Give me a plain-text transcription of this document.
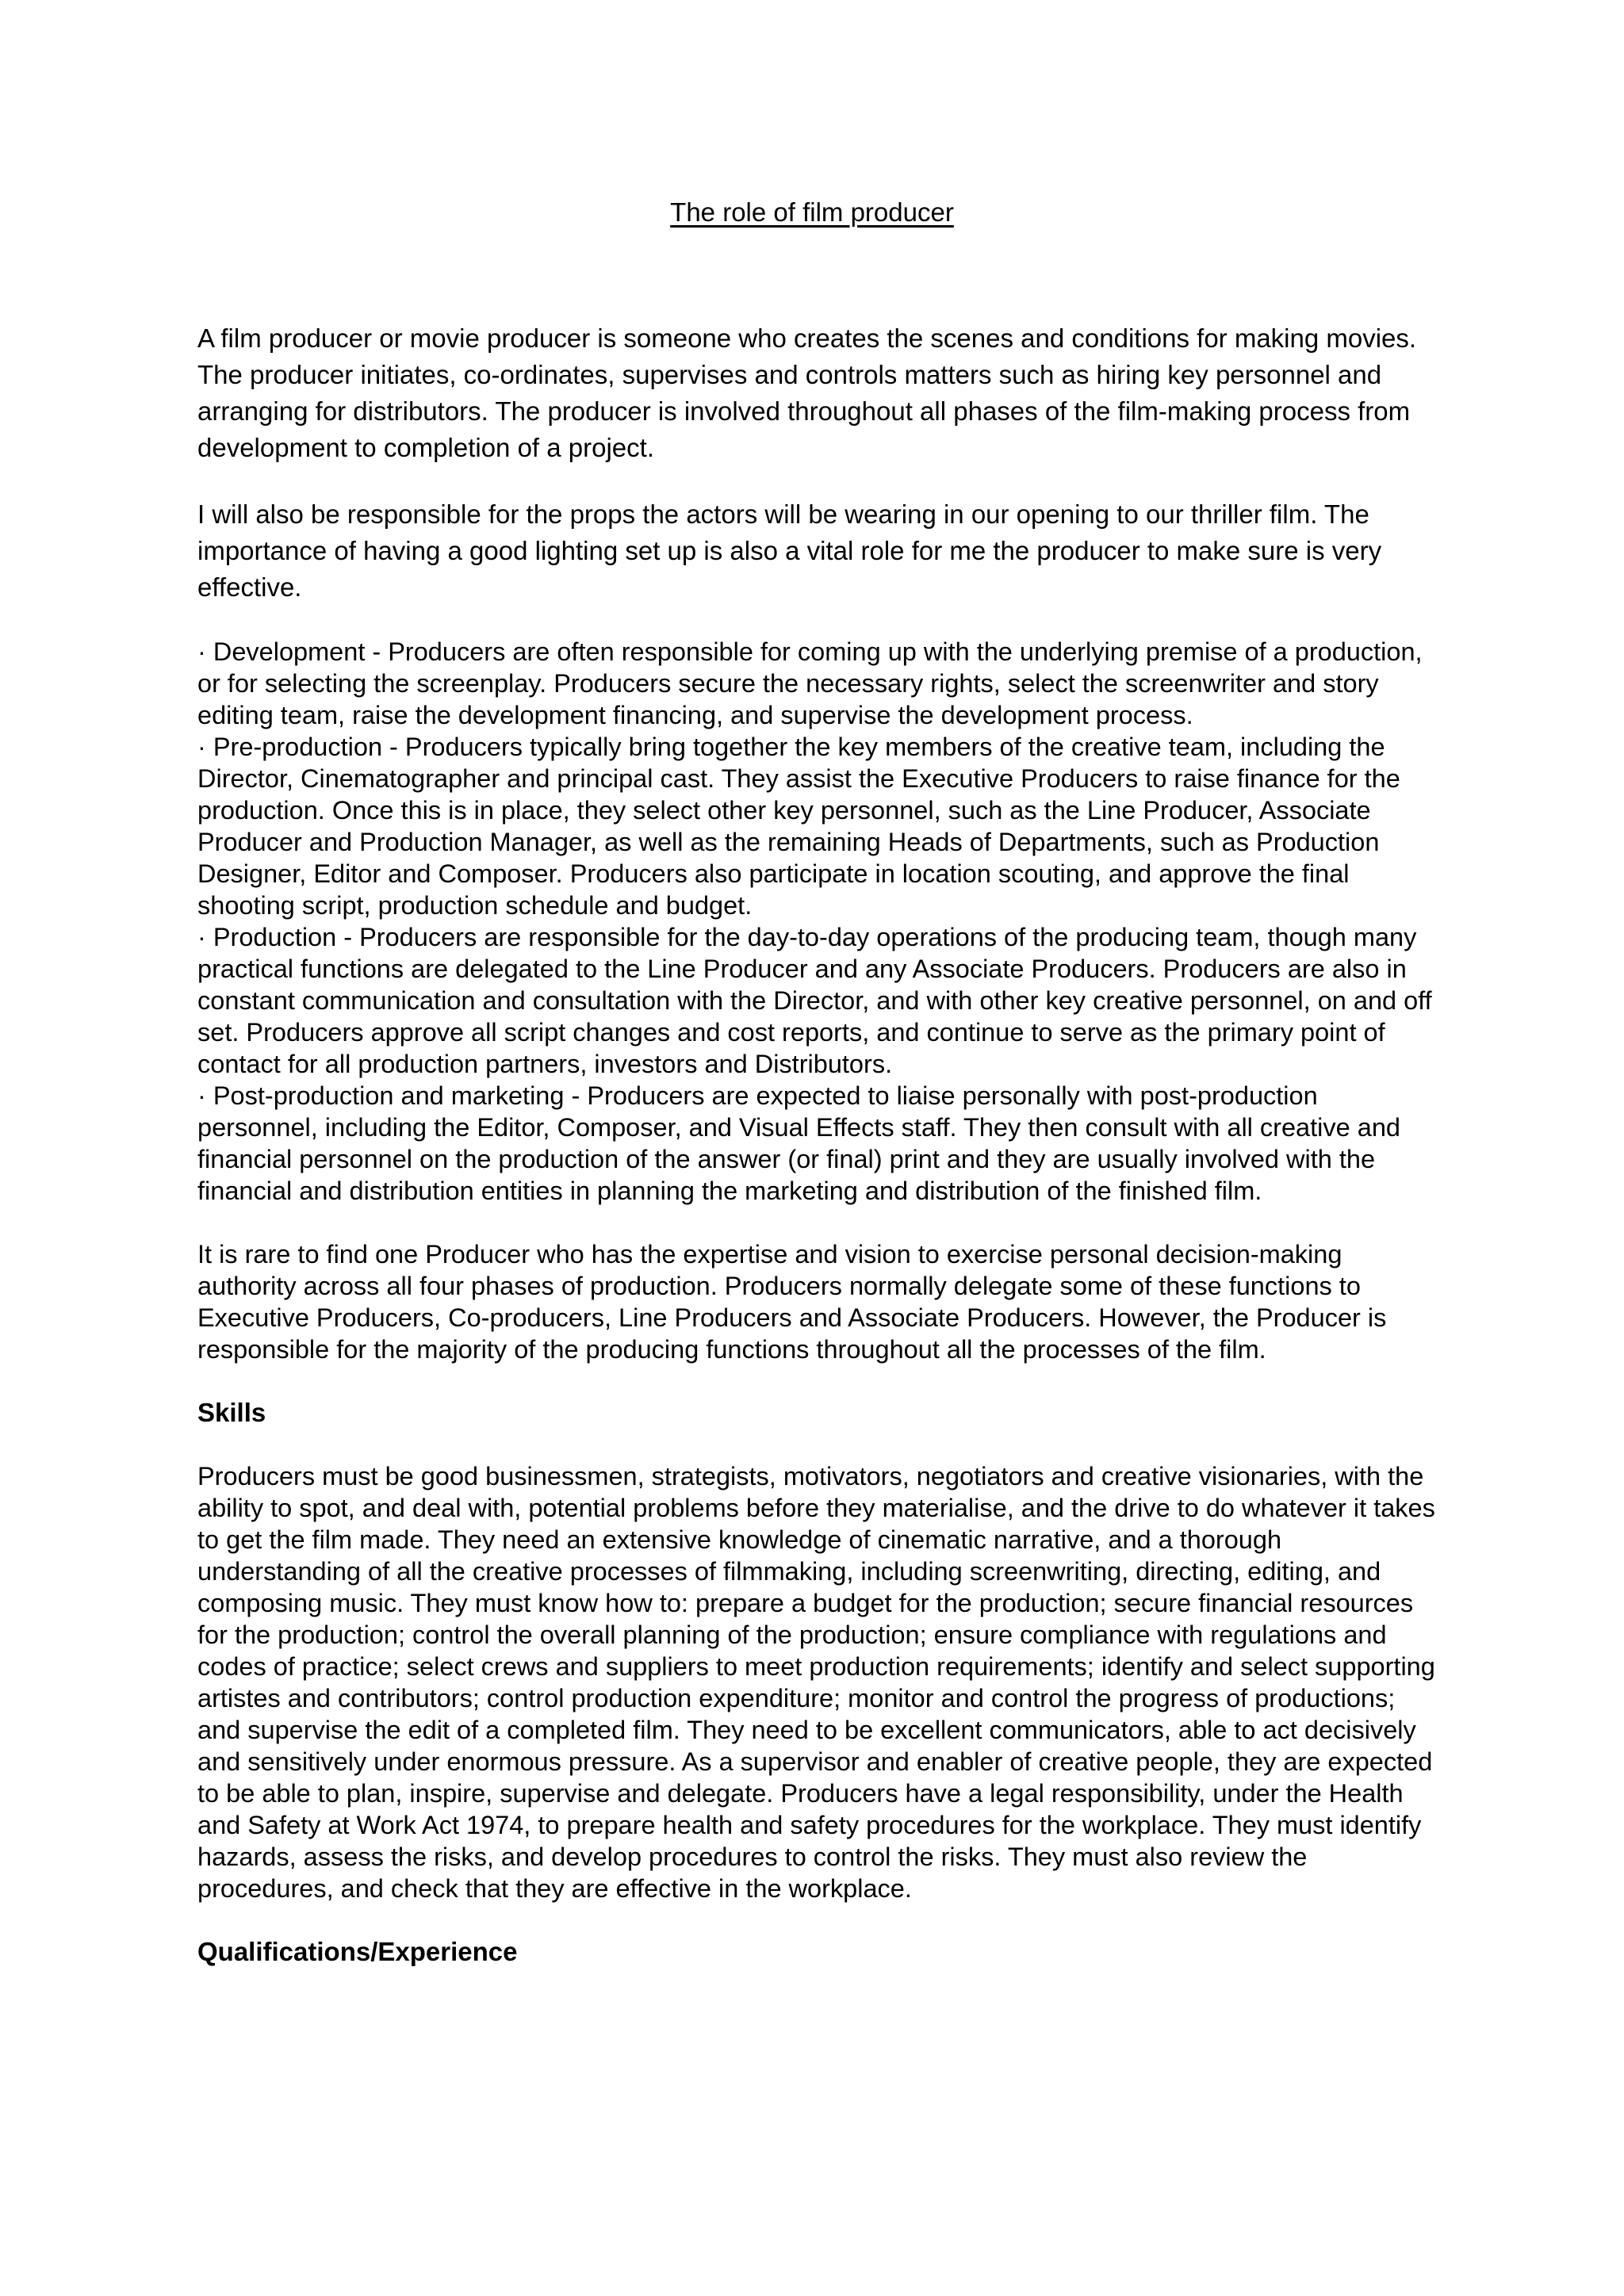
The role of film producer

A film producer or movie producer is someone who creates the scenes and conditions for making movies. The producer initiates, co-ordinates, supervises and controls matters such as hiring key personnel and arranging for distributors. The producer is involved throughout all phases of the film-making process from development to completion of a project.

I will also be responsible for the props the actors will be wearing in our opening to our thriller film. The importance of having a good lighting set up is also a vital role for me the producer to make sure is very effective.

· Development - Producers are often responsible for coming up with the underlying premise of a production, or for selecting the screenplay. Producers secure the necessary rights, select the screenwriter and story editing team, raise the development financing, and supervise the development process.

· Pre-production - Producers typically bring together the key members of the creative team, including the Director, Cinematographer and principal cast. They assist the Executive Producers to raise finance for the production. Once this is in place, they select other key personnel, such as the Line Producer, Associate Producer and Production Manager, as well as the remaining Heads of Departments, such as Production Designer, Editor and Composer. Producers also participate in location scouting, and approve the final shooting script, production schedule and budget.

· Production - Producers are responsible for the day-to-day operations of the producing team, though many practical functions are delegated to the Line Producer and any Associate Producers. Producers are also in constant communication and consultation with the Director, and with other key creative personnel, on and off set. Producers approve all script changes and cost reports, and continue to serve as the primary point of contact for all production partners, investors and Distributors.

· Post-production and marketing - Producers are expected to liaise personally with post-production personnel, including the Editor, Composer, and Visual Effects staff. They then consult with all creative and financial personnel on the production of the answer (or final) print and they are usually involved with the financial and distribution entities in planning the marketing and distribution of the finished film.

It is rare to find one Producer who has the expertise and vision to exercise personal decision-making authority across all four phases of production. Producers normally delegate some of these functions to Executive Producers, Co-producers, Line Producers and Associate Producers. However, the Producer is responsible for the majority of the producing functions throughout all the processes of the film.

Skills

Producers must be good businessmen, strategists, motivators, negotiators and creative visionaries, with the ability to spot, and deal with, potential problems before they materialise, and the drive to do whatever it takes to get the film made. They need an extensive knowledge of cinematic narrative, and a thorough understanding of all the creative processes of filmmaking, including screenwriting, directing, editing, and composing music. They must know how to: prepare a budget for the production; secure financial resources for the production; control the overall planning of the production; ensure compliance with regulations and codes of practice; select crews and suppliers to meet production requirements; identify and select supporting artistes and contributors; control production expenditure; monitor and control the progress of productions; and supervise the edit of a completed film. They need to be excellent communicators, able to act decisively and sensitively under enormous pressure. As a supervisor and enabler of creative people, they are expected to be able to plan, inspire, supervise and delegate. Producers have a legal responsibility, under the Health and Safety at Work Act 1974, to prepare health and safety procedures for the workplace. They must identify hazards, assess the risks, and develop procedures to control the risks. They must also review the procedures, and check that they are effective in the workplace.

Qualifications/Experience
